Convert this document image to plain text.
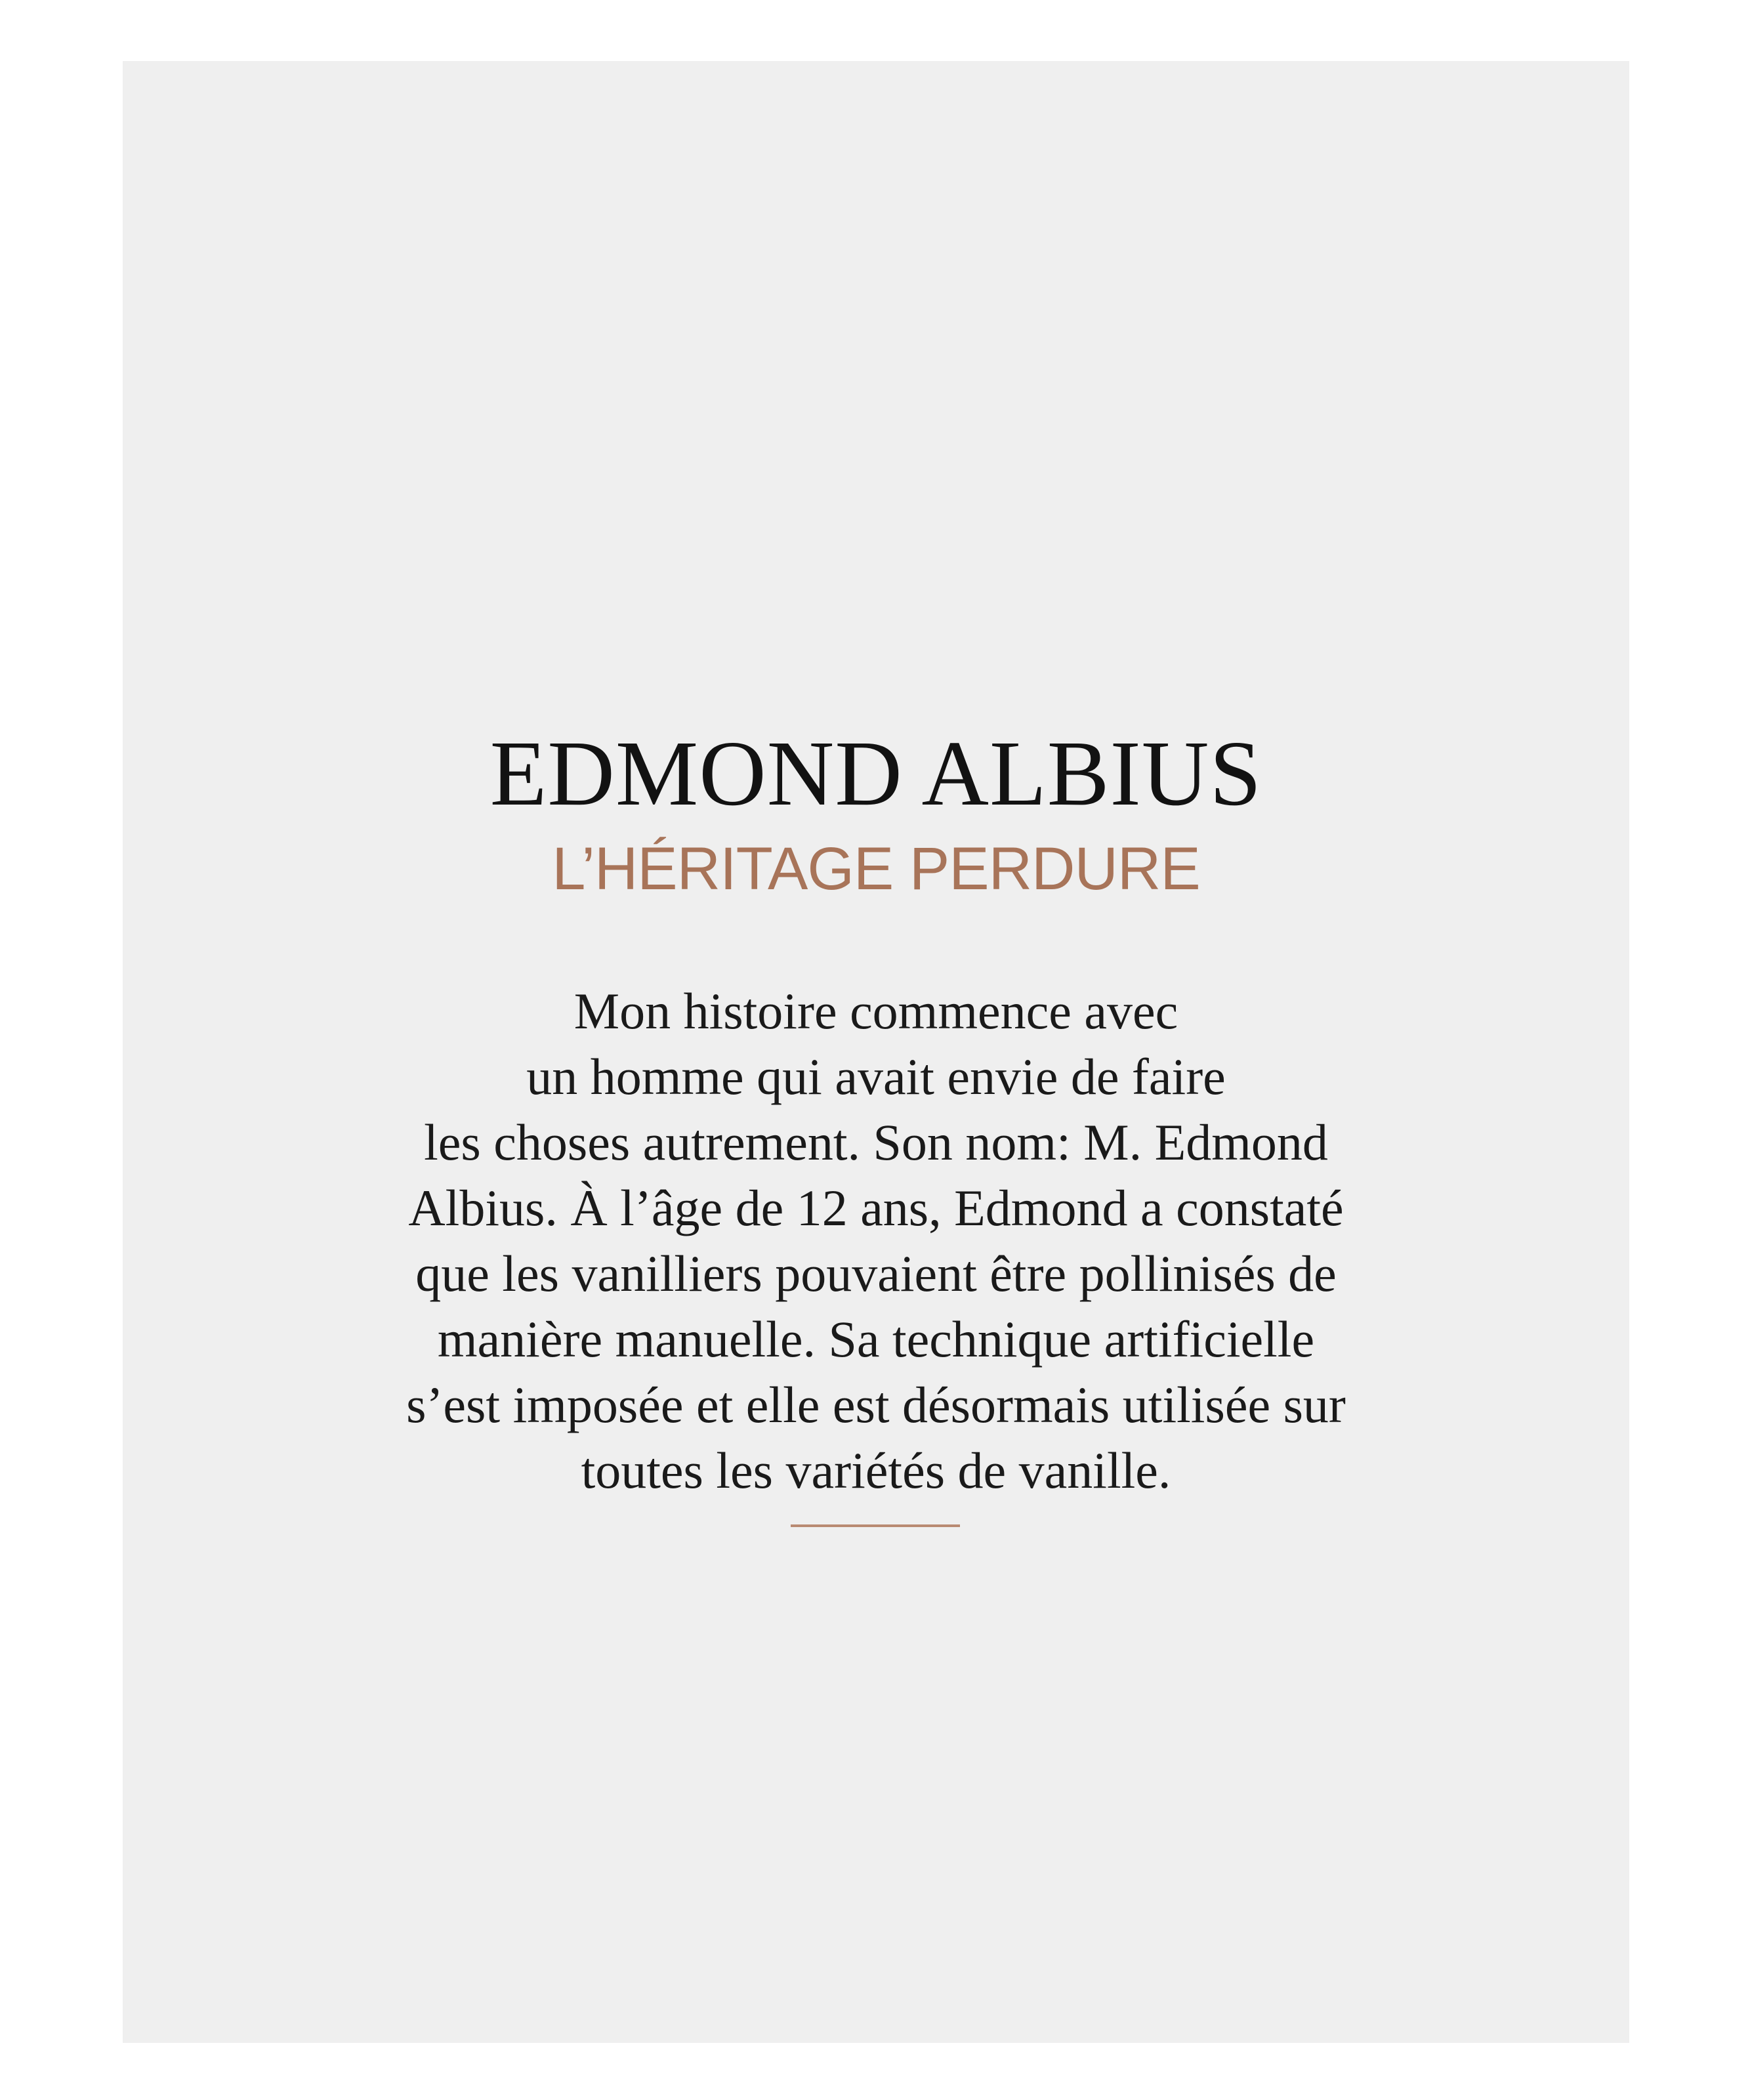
EDMOND ALBIUS
L’HÉRITAGE PERDURE

Mon histoire commence avec
un homme qui avait envie de faire
les choses autrement. Son nom: M. Edmond
Albius. À l’âge de 12 ans, Edmond a constaté
que les vanilliers pouvaient être pollinisés de
manière manuelle. Sa technique artificielle
s’est imposée et elle est désormais utilisée sur
toutes les variétés de vanille.
